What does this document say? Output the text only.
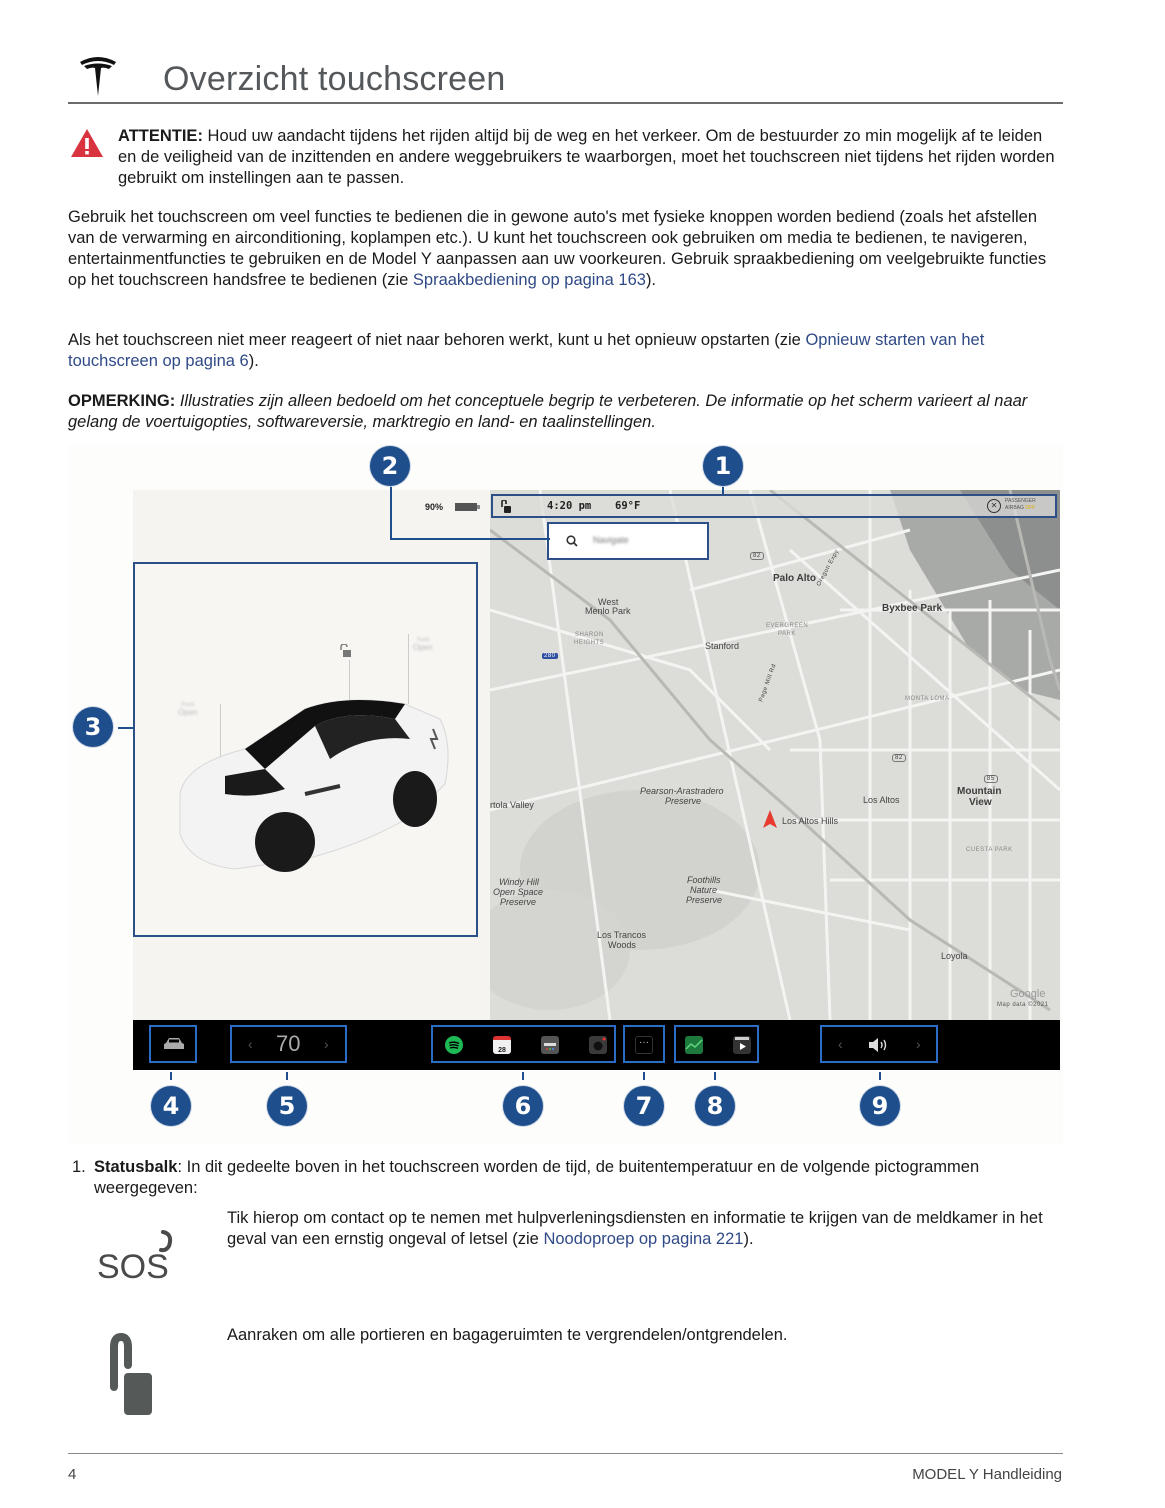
Overzicht touchscreen
ATTENTIE: Houd uw aandacht tijdens het rijden altijd bij de weg en het verkeer. Om de bestuurder zo min mogelijk af te leiden en de veiligheid van de inzittenden en andere weggebruikers te waarborgen, moet het touchscreen niet tijdens het rijden worden gebruikt om instellingen aan te passen.
Gebruik het touchscreen om veel functies te bedienen die in gewone auto's met fysieke knoppen worden bediend (zoals het afstellen van de verwarming en airconditioning, koplampen etc.). U kunt het touchscreen ook gebruiken om media te bedienen, te navigeren, entertainmentfuncties te gebruiken en de Model Y aanpassen aan uw voorkeuren. Gebruik spraakbediening om veelgebruikte functies op het touchscreen handsfree te bedienen (zie Spraakbediening op pagina 163).
Als het touchscreen niet meer reageert of niet naar behoren werkt, kunt u het opnieuw opstarten (zie Opnieuw starten van het touchscreen op pagina 6).
OPMERKING: Illustraties zijn alleen bedoeld om het conceptuele begrip te verbeteren. De informatie op het scherm varieert al naar gelang de voertuigopties, softwareversie, marktregio en land- en taalinstellingen.
Byxbee Park
Palo Alto
West
Menlo Park
SHARON
HEIGHTS	Stanford
EVERGREEN
PARK
Oregon Expy
Page Mill Rd	MONTA LOMA
Pearson-Arastradero
Preserve
rtola Valley	Los Altos
Los Altos Hills
Mountain
View
CUESTA PARK
Windy Hill
Open Space
Preserve
Foothills
Nature
Preserve
Los Trancos
Woods
Loyola
Google
Map data ©2021
280
82
82
85
90%	4:20 pm 69°F	✕	PASSENGER
AIRBAG OFF
Navigate
Frunk
Open
Trunk
Open
‹ 70 ›	28
···	‹	›
1
2
3
4	5	6	7	8	9
1. Statusbalk: In dit gedeelte boven in het touchscreen worden de tijd, de buitentemperatuur en de volgende pictogrammen weergegeven:
SOS
Tik hierop om contact op te nemen met hulpverleningsdiensten en informatie te krijgen van de meldkamer in het geval van een ernstig ongeval of letsel (zie Noodoproep op pagina 221).
Aanraken om alle portieren en bagageruimten te vergrendelen/ontgrendelen.
4	MODEL Y Handleiding
